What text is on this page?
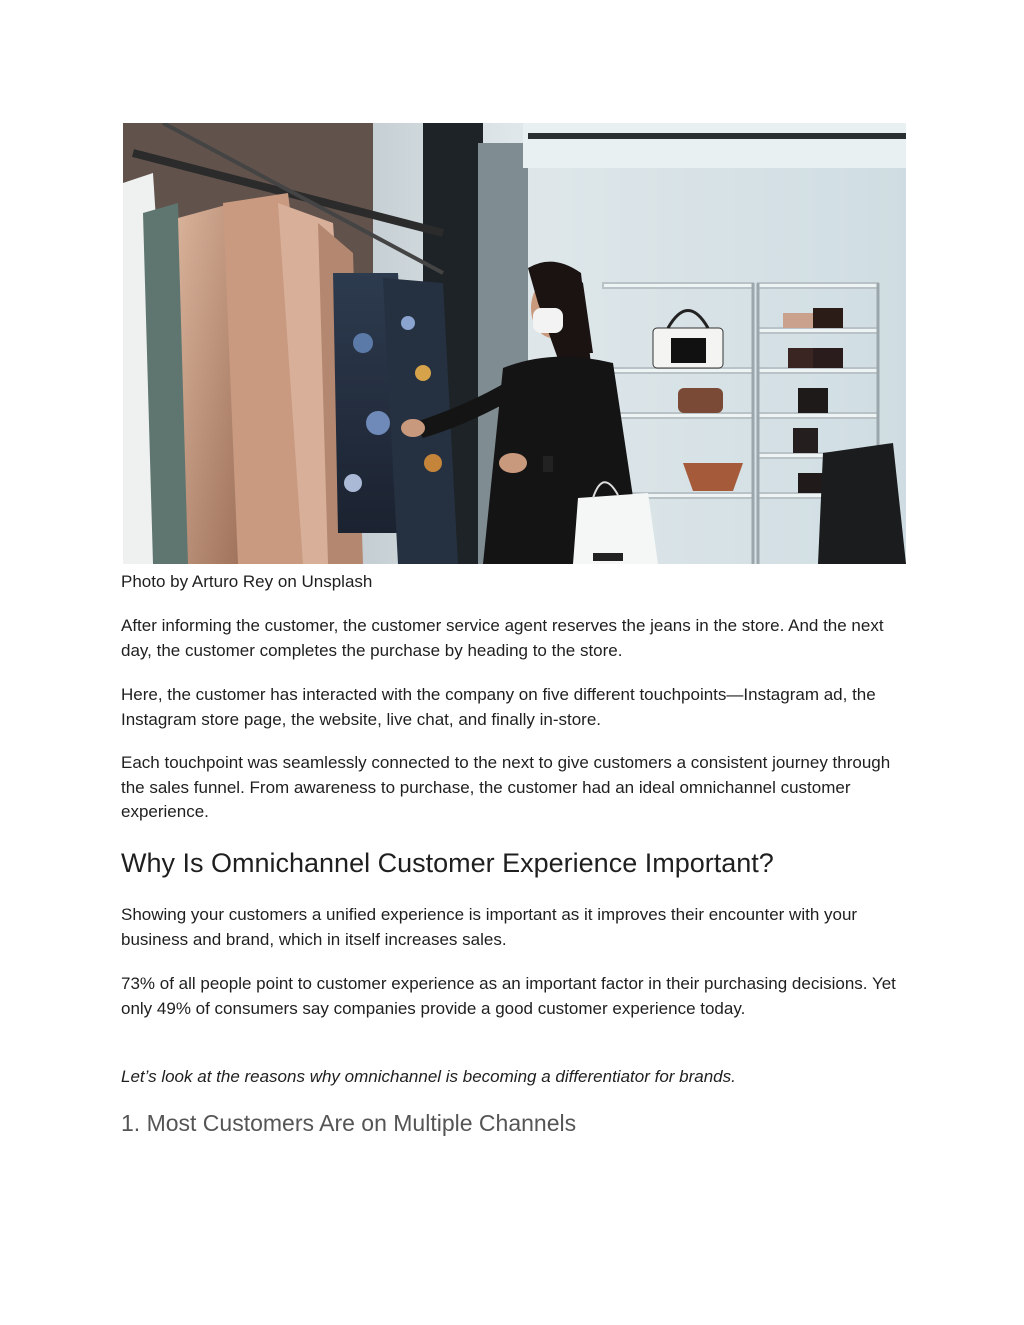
Photo by Arturo Rey on Unsplash

After informing the customer, the customer service agent reserves the jeans in the store. And the next day, the customer completes the purchase by heading to the store.

Here, the customer has interacted with the company on five different touchpoints—Instagram ad, the Instagram store page, the website, live chat, and finally in-store.

Each touchpoint was seamlessly connected to the next to give customers a consistent journey through the sales funnel. From awareness to purchase, the customer had an ideal omnichannel customer experience.

Why Is Omnichannel Customer Experience Important?

Showing your customers a unified experience is important as it improves their encounter with your business and brand, which in itself increases sales.

73% of all people point to customer experience as an important factor in their purchasing decisions. Yet only 49% of consumers say companies provide a good customer experience today.

Let’s look at the reasons why omnichannel is becoming a differentiator for brands.

1. Most Customers Are on Multiple Channels
